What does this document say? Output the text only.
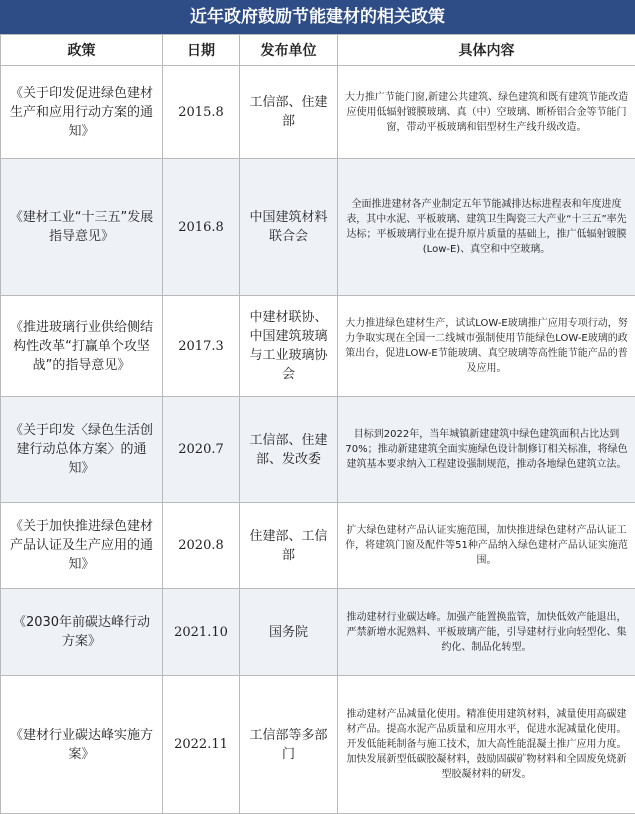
近年政府鼓励节能建材的相关政策
政策	日期	发布单位	具体内容
《关于印发促进绿色建材生产和应用行动方案的通知》	2015.8	工信部、住建部	大力推广节能门窗,新建公共建筑、绿色建筑和既有建筑节能改造应使用低辐射镀膜玻璃、真（中）空玻璃、断桥铝合金等节能门窗，带动平板玻璃和铝型材生产线升级改造。
《建材工业“十三五”发展指导意见》	2016.8	中国建筑材料联合会	全面推进建材各产业制定五年节能减排达标进程表和年度进度表，其中水泥、平板玻璃、建筑卫生陶瓷三大产业“十三五”率先达标；平板玻璃行业在提升原片质量的基础上，推广低辐射镀膜(Low-E)、真空和中空玻璃。
《推进玻璃行业供给侧结构性改革“打赢单个攻坚战”的指导意见》	2017.3	中建材联协、中国建筑玻璃与工业玻璃协会	大力推进绿色建材生产，试试LOW-E玻璃推广应用专项行动，努力争取实现在全国一二线城市强制使用节能绿色LOW-E玻璃的政策出台，促进LOW-E节能玻璃、真空玻璃等高性能节能产品的普及应用。
《关于印发〈绿色生活创建行动总体方案〉的通知》	2020.7	工信部、住建部、发改委	目标到2022年，当年城镇新建建筑中绿色建筑面积占比达到70%；推动新建建筑全面实施绿色设计制修订相关标准，将绿色建筑基本要求纳入工程建设强制规范，推动各地绿色建筑立法。
《关于加快推进绿色建材产品认证及生产应用的通知》	2020.8	住建部、工信部	扩大绿色建材产品认证实施范围，加快推进绿色建材产品认证工作，将建筑门窗及配件等51种产品纳入绿色建材产品认证实施范围。
《2030年前碳达峰行动方案》	2021.10	国务院	推动建材行业碳达峰。加强产能置换监管，加快低效产能退出，严禁新增水泥熟料、平板玻璃产能，引导建材行业向轻型化、集约化、制品化转型。
《建材行业碳达峰实施方案》	2022.11	工信部等多部门	推动建材产品减量化使用。精准使用建筑材料，减量使用高碳建材产品。提高水泥产品质量和应用水平，促进水泥减量化使用。开发低能耗制备与施工技术，加大高性能混凝土推广应用力度。加快发展新型低碳胶凝材料，鼓励固碳矿物材料和全固废免烧新型胶凝材料的研发。
